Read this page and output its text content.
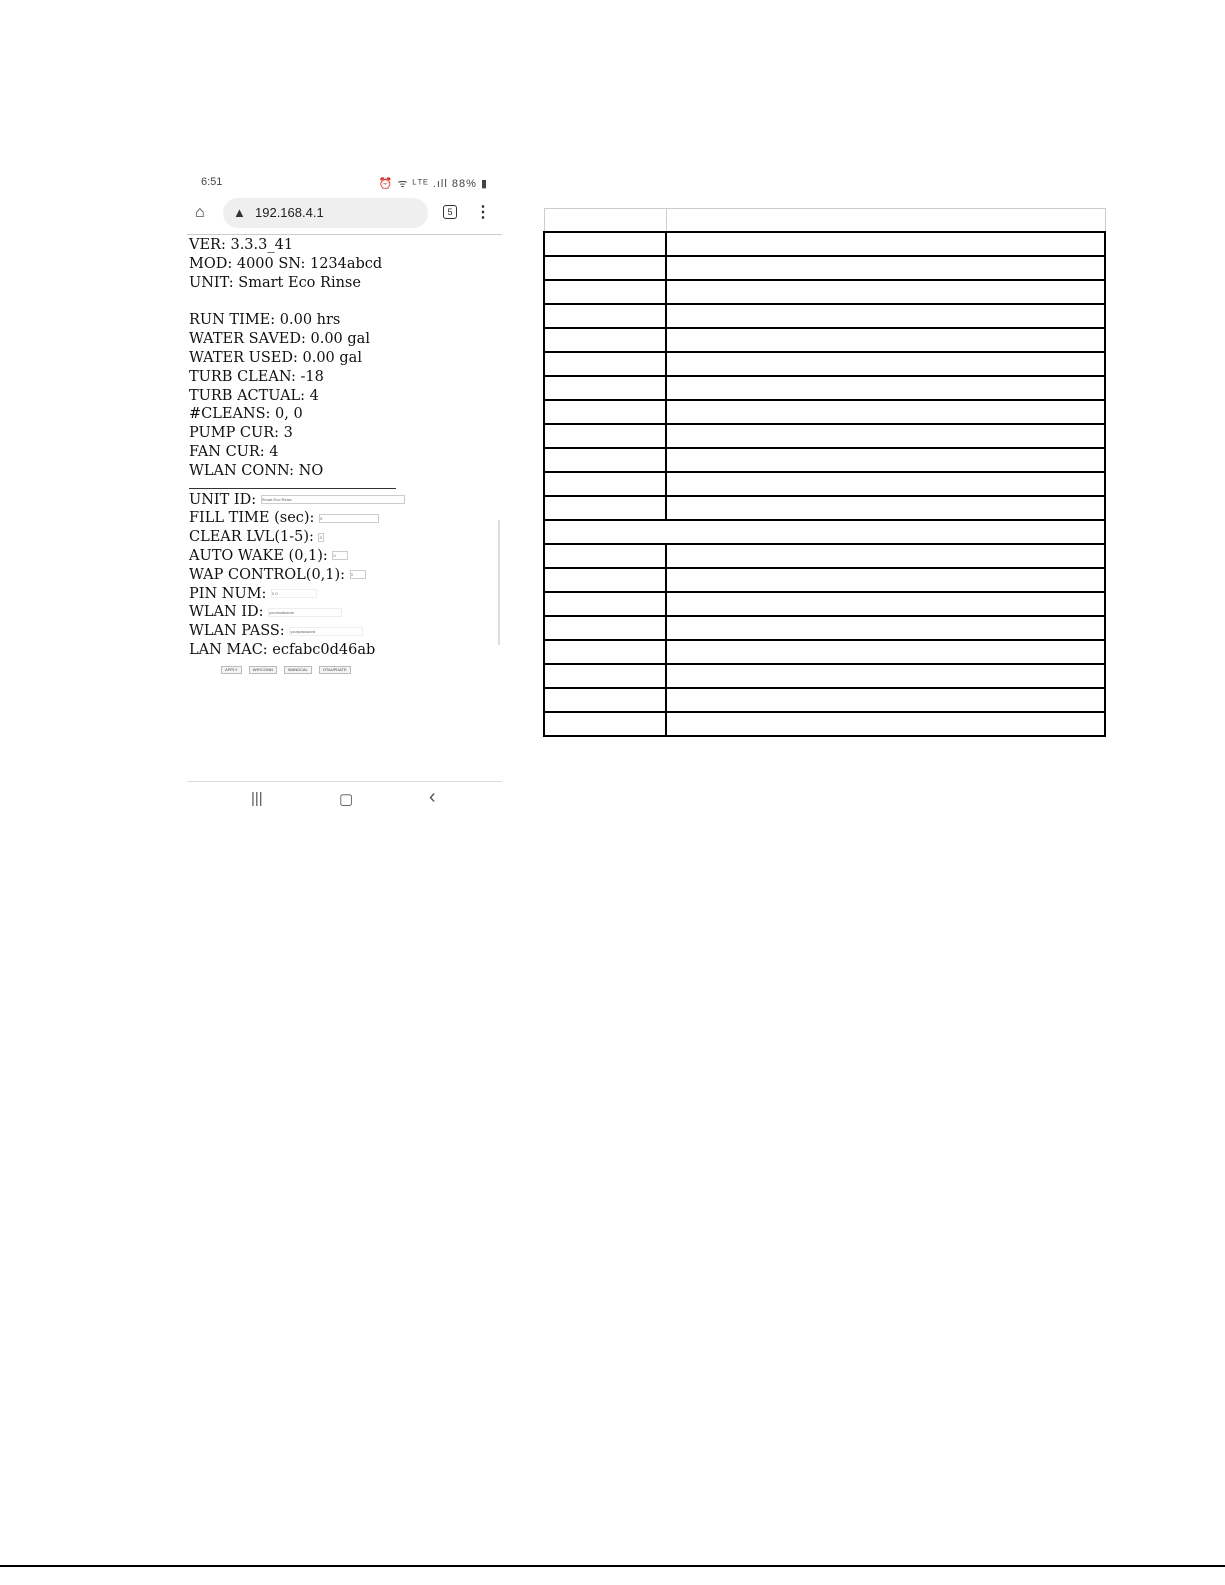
6:51	⏰ ᯤ ᴸᵀᴱ .ıll 88% ▮
⌂	▲ 192.168.4.1	5 ⋮
VER: 3.3.3_41
MOD: 4000 SN: 1234abcd
UNIT: Smart Eco Rinse
RUN TIME: 0.00 hrs
WATER SAVED: 0.00 gal
WATER USED: 0.00 gal
TURB CLEAN: -18
TURB ACTUAL: 4
#CLEANS: 0, 0
PUMP CUR: 3
FAN CUR: 4
WLAN CONN: NO
UNIT ID: Smart Eco Rinse
FILL TIME (sec): 5
CLEAR LVL(1-5): 3
AUTO WAKE (0,1): 0
WAP CONTROL(0,1): 0
PIN NUM: 0 0
WLAN ID: yourssidname
WLAN PASS: yourpassword
LAN MAC: ecfabc0d46ab
APPLY	WIFICONN	WANDCAL	OTAUPDATE
|||	▢	‹
